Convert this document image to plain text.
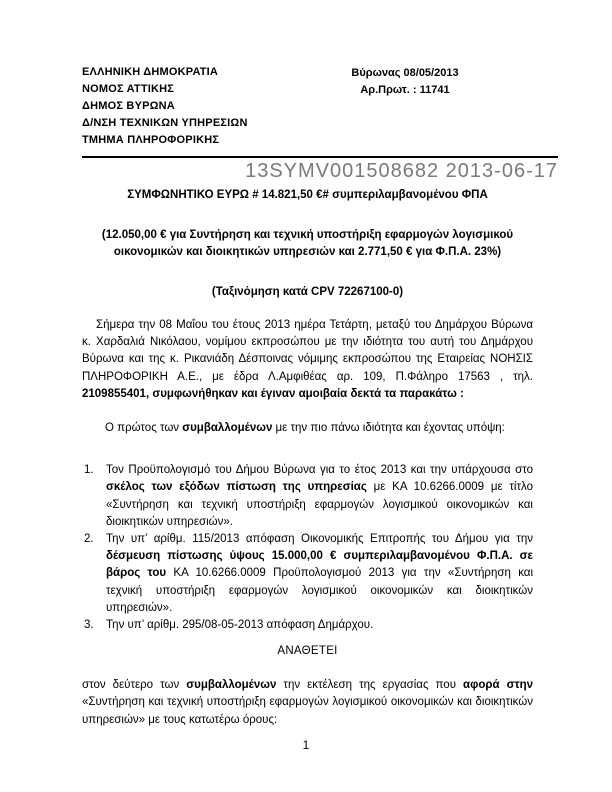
ΕΛΛΗΝΙΚΗ ΔΗΜΟΚΡΑΤΙΑ
ΝΟΜΟΣ ΑΤΤΙΚΗΣ
ΔΗΜΟΣ ΒΥΡΩΝΑ
Δ/ΝΣΗ ΤΕΧΝΙΚΩΝ ΥΠΗΡΕΣΙΩΝ
ΤΜΗΜΑ ΠΛΗΡΟΦΟΡΙΚΗΣ
Βύρωνας 08/05/2013
Αρ.Πρωτ. : 11741
13SYMV001508682 2013-06-17
ΣΥΜΦΩΝΗΤΙΚΟ ΕΥΡΩ # 14.821,50 €# συμπεριλαμβανομένου ΦΠΑ
(12.050,00 € για Συντήρηση και τεχνική υποστήριξη εφαρμογών λογισμικού οικονομικών και διοικητικών υπηρεσιών και 2.771,50 € για Φ.Π.Α. 23%)
(Ταξινόμηση κατά CPV 72267100-0)

Σήμερα την 08 Μαΐου του έτους 2013 ημέρα Τετάρτη, μεταξύ του Δημάρχου Βύρωνα κ. Χαρδαλιά Νικόλαου, νομίμου εκπροσώπου με την ιδιότητα του αυτή του Δημάρχου Βύρωνα και της κ. Ρικανιάδη Δέσποινας νόμιμης εκπροσώπου της Εταιρείας ΝΟΗΣΙΣ ΠΛΗΡΟΦΟΡΙΚΗ Α.Ε., με έδρα Λ.Αμφιθέας αρ. 109, Π.Φάληρο 17563 , τηλ. 2109855401, συμφωνήθηκαν και έγιναν αμοιβαία δεκτά τα παρακάτω :

Ο πρώτος των συμβαλλομένων με την πιο πάνω ιδιότητα και έχοντας υπόψη:

Τον Προϋπολογισμό του Δήμου Βύρωνα για το έτος 2013 και την υπάρχουσα στο σκέλος των εξόδων πίστωση της υπηρεσίας με ΚΑ 10.6266.0009 με τίτλο «Συντήρηση και τεχνική υποστήριξη εφαρμογών λογισμικού οικονομικών και διοικητικών υπηρεσιών».
Την υπ’ αρίθμ. 115/2013 απόφαση Οικονομικής Επιτροπής του Δήμου για την δέσμευση πίστωσης ύψους 15.000,00 € συμπεριλαμβανομένου Φ.Π.Α. σε βάρος του ΚΑ 10.6266.0009 Προϋπολογισμού 2013 για την «Συντήρηση και τεχνική υποστήριξη εφαρμογών λογισμικού οικονομικών και διοικητικών υπηρεσιών».
Την υπ’ αρίθμ. 295/08-05-2013 απόφαση Δημάρχου.
ΑΝΑΘΕΤΕΙ

στον δεύτερο των συμβαλλομένων την εκτέλεση της εργασίας που αφορά στην «Συντήρηση και τεχνική υποστήριξη εφαρμογών λογισμικού οικονομικών και διοικητικών υπηρεσιών» με τους κατωτέρω όρους:

1
